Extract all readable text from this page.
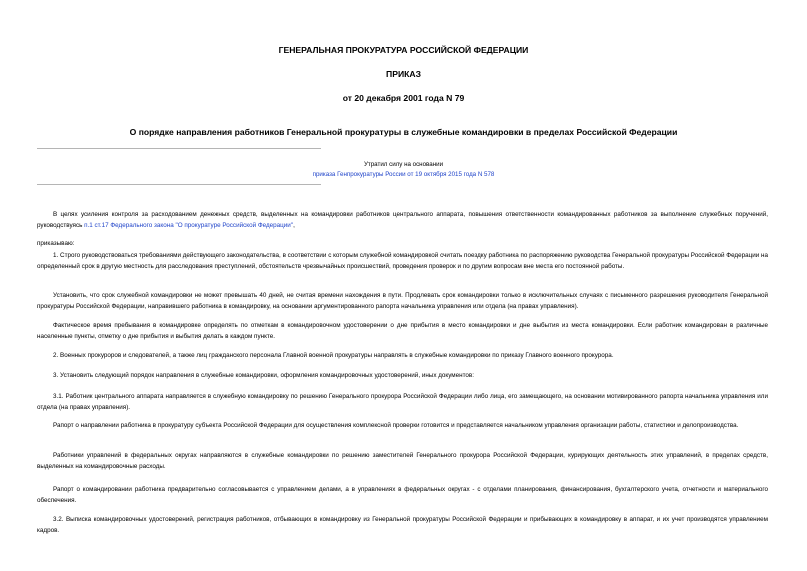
ГЕНЕРАЛЬНАЯ ПРОКУРАТУРА РОССИЙСКОЙ ФЕДЕРАЦИИ
ПРИКАЗ
от 20 декабря 2001 года N 79
О порядке направления работников Генеральной прокуратуры в служебные командировки в пределах Российской Федерации
Утратил силу на основании
приказа Генпрокуратуры России от 19 октября 2015 года N 578
В целях усиления контроля за расходованием денежных средств, выделенных на командировки работников центрального аппарата, повышения ответственности командированных работников за выполнение служебных поручений, руководствуясь п.1 ст.17 Федерального закона "О прокуратуре Российской Федерации",
приказываю:
1. Строго руководствоваться требованиями действующего законодательства, в соответствии с которым служебной командировкой считать поездку работника по распоряжению руководства Генеральной прокуратуры Российской Федерации на определенный срок в другую местность для расследования преступлений, обстоятельств чрезвычайных происшествий, проведения проверок и по другим вопросам вне места его постоянной работы.
Установить, что срок служебной командировки не может превышать 40 дней, не считая времени нахождения в пути. Продлевать срок командировки только в исключительных случаях с письменного разрешения руководителя Генеральной прокуратуры Российской Федерации, направившего работника в командировку, на основании аргументированного рапорта начальника управления или отдела (на правах управления).
Фактическое время пребывания в командировке определять по отметкам в командировочном удостоверении о дне прибытия в место командировки и дне выбытия из места командировки. Если работник командирован в различные населенные пункты, отметку о дне прибытия и выбытия делать в каждом пункте.
2. Военных прокуроров и следователей, а также лиц гражданского персонала Главной военной прокуратуры направлять в служебные командировки по приказу Главного военного прокурора.
3. Установить следующий порядок направления в служебные командировки, оформления командировочных удостоверений, иных документов:
3.1. Работник центрального аппарата направляется в служебную командировку по решению Генерального прокурора Российской Федерации либо лица, его замещающего, на основании мотивированного рапорта начальника управления или отдела (на правах управления).
Рапорт о направлении работника в прокуратуру субъекта Российской Федерации для осуществления комплексной проверки готовится и представляется начальником управления организации работы, статистики и делопроизводства.
Работники управлений в федеральных округах направляются в служебные командировки по решению заместителей Генерального прокурора Российской Федерации, курирующих деятельность этих управлений, в пределах средств, выделенных на командировочные расходы.
Рапорт о командировании работника предварительно согласовывается с управлением делами, а в управлениях в федеральных округах - с отделами планирования, финансирования, бухгалтерского учета, отчетности и материального обеспечения.
3.2. Выписка командировочных удостоверений, регистрация работников, отбывающих в командировку из Генеральной прокуратуры Российской Федерации и прибывающих в командировку в аппарат, и их учет производятся управлением кадров.
